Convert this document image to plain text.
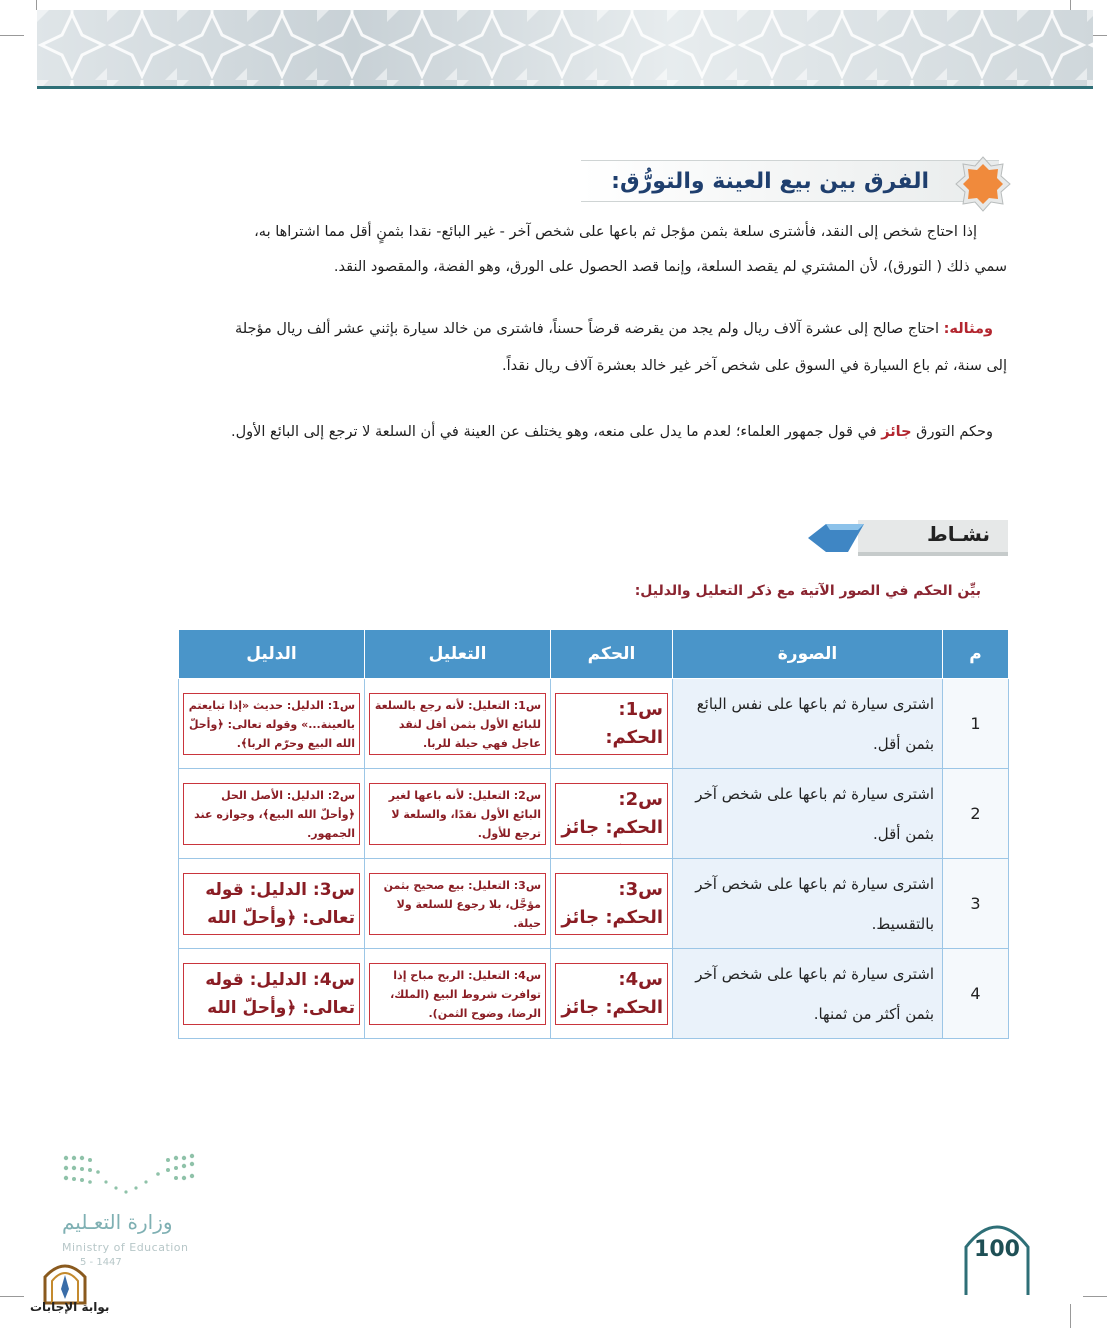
الفرق بين بيع العينة والتورُّق:
إذا احتاج شخص إلى النقد، فأشترى سلعة بثمن مؤجل ثم باعها على شخص آخر - غير البائع- نقدا بثمنٍ أقل مما اشتراها به،
سمي ذلك ( التورق)، لأن المشتري لم يقصد السلعة، وإنما قصد الحصول على الورق، وهو الفضة، والمقصود النقد.
ومثاله: احتاج صالح إلى عشرة آلاف ريال ولم يجد من يقرضه قرضاً حسناً، فاشترى من خالد سيارة بإثني عشر ألف ريال مؤجلة
إلى سنة، ثم باع السيارة في السوق على شخص آخر غير خالد بعشرة آلاف ريال نقداً.
وحكم التورق جائز في قول جمهور العلماء؛ لعدم ما يدل على منعه، وهو يختلف عن العينة في أن السلعة لا ترجع إلى البائع الأول.
نشـاط
بيِّن الحكم في الصور الآتية مع ذكر التعليل والدليل:
م	الصورة	الحكم	التعليل	الدليل
1	اشترى سيارة ثم باعها على نفس البائع بثمن أقل.	س1: الحكم:	س1: التعليل: لأنه رجع بالسلعة للبائع الأول بثمن أقل لنقد عاجل فهي حيلة للربا.	س1: الدليل: حديث «إذا تبايعتم بالعينة...» وقوله تعالى: ﴿وأحلّ الله البيع وحرّم الربا﴾.

2	اشترى سيارة ثم باعها على شخص آخر بثمن أقل.	س2: الحكم: جائز	س2: التعليل: لأنه باعها لغير البائع الأول نقدًا، والسلعة لا ترجع للأول.	س2: الدليل: الأصل الحل ﴿وأحلّ الله البيع﴾، وجوازه عند الجمهور.

3	اشترى سيارة ثم باعها على شخص آخر بالتقسيط.	س3: الحكم: جائز	س3: التعليل: بيع صحيح بثمن مؤجَّل، بلا رجوع للسلعة ولا حيلة.	س3: الدليل: قوله تعالى: ﴿وأحلّ الله

4	اشترى سيارة ثم باعها على شخص آخر بثمن أكثر من ثمنها.	س4: الحكم: جائز	س4: التعليل: الربح مباح إذا توافرت شروط البيع (الملك، الرضا، وضوح الثمن).	س4: الدليل: قوله تعالى: ﴿وأحلّ الله
وزارة التعـليم
Ministry of Education
5 - 1447
بوابة الإجابات
100
